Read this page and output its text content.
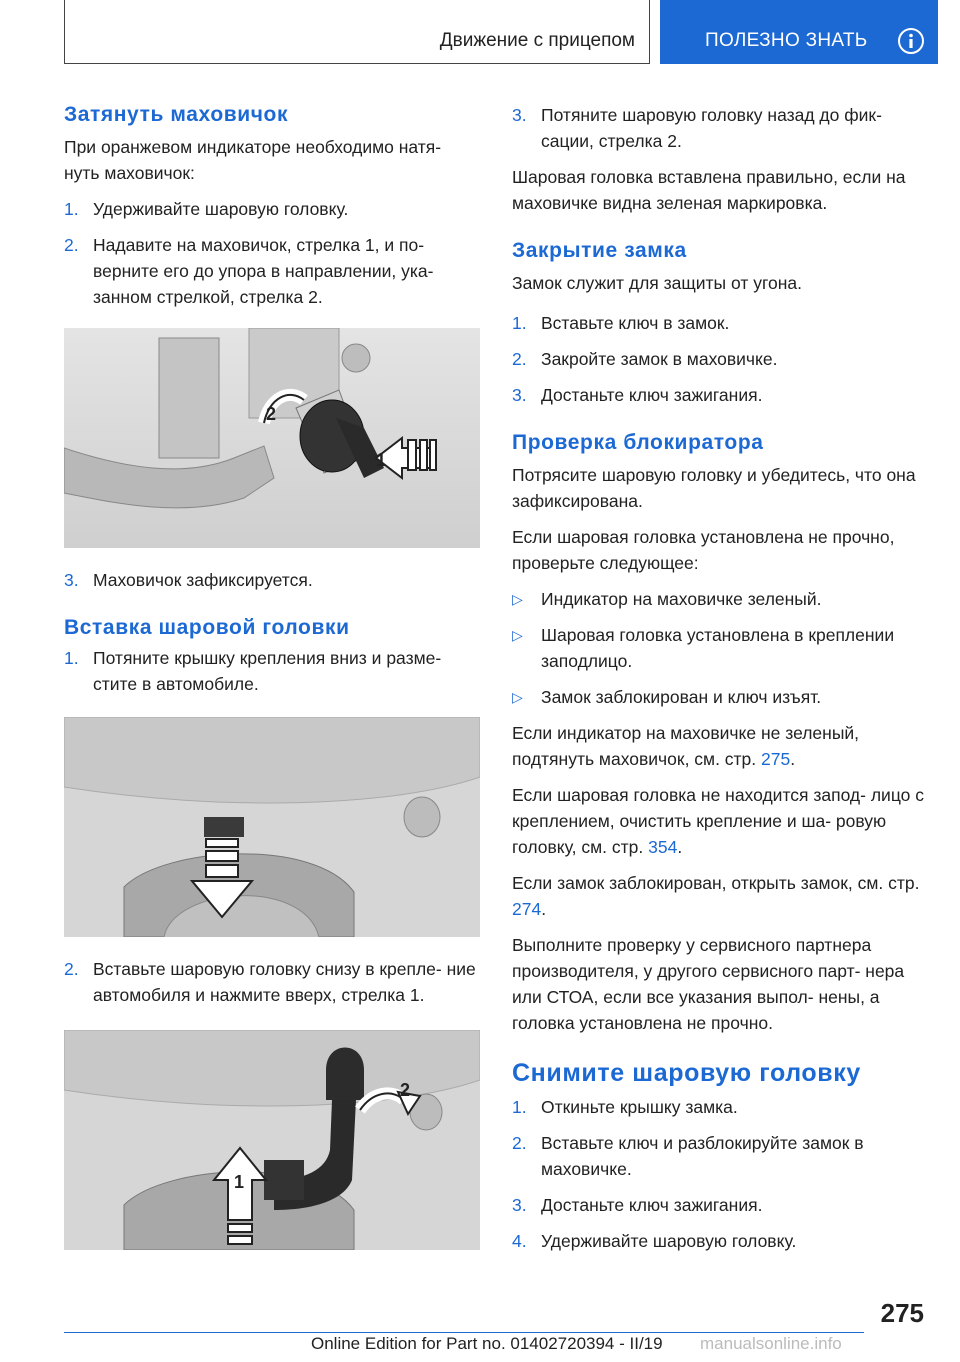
Движение с прицепом	ПОЛЕЗНО ЗНАТЬ
Затянуть маховичок

При оранжевом индикаторе необходимо натя- нуть маховичок:

1. Удерживайте шаровую головку.
2. Надавите на маховичок, стрелка 1, и по- верните его до упора в направлении, ука- занном стрелкой, стрелка 2.
2
1
3. Маховичок зафиксируется.
Вставка шаровой головки
1. Потяните крышку крепления вниз и разме- стите в автомобиле.
2. Вставьте шаровую головку снизу в крепле- ние автомобиля и нажмите вверх, стрелка 1.
2
1
3. Потяните шаровую головку назад до фик- сации, стрелка 2.

Шаровая головка вставлена правильно, если на маховичке видна зеленая маркировка.

Закрытие замка

Замок служит для защиты от угона.

1. Вставьте ключ в замок.
2. Закройте замок в маховичке.
3. Достаньте ключ зажигания.
Проверка блокиратора

Потрясите шаровую головку и убедитесь, что она зафиксирована.

Если шаровая головка установлена не прочно, проверьте следующее:

▷	Индикатор на маховичке зеленый.
▷	Шаровая головка установлена в креплении заподлицо.
▷	Замок заблокирован и ключ изъят.

Если индикатор на маховичке не зеленый, подтянуть маховичок, см. стр. 275.

Если шаровая головка не находится запод- лицо с креплением, очистить крепление и ша- ровую головку, см. стр. 354.

Если замок заблокирован, открыть замок, см. стр. 274.

Выполните проверку у сервисного партнера производителя, у другого сервисного парт- нера или СТОА, если все указания выпол- нены, а головка установлена не прочно.

Снимите шаровую головку
1. Откиньте крышку замка.
2. Вставьте ключ и разблокируйте замок в маховичке.
3. Достаньте ключ зажигания.
4. Удерживайте шаровую головку.
275
Online Edition for Part no. 01402720394 - II/19 manualsonline.info
